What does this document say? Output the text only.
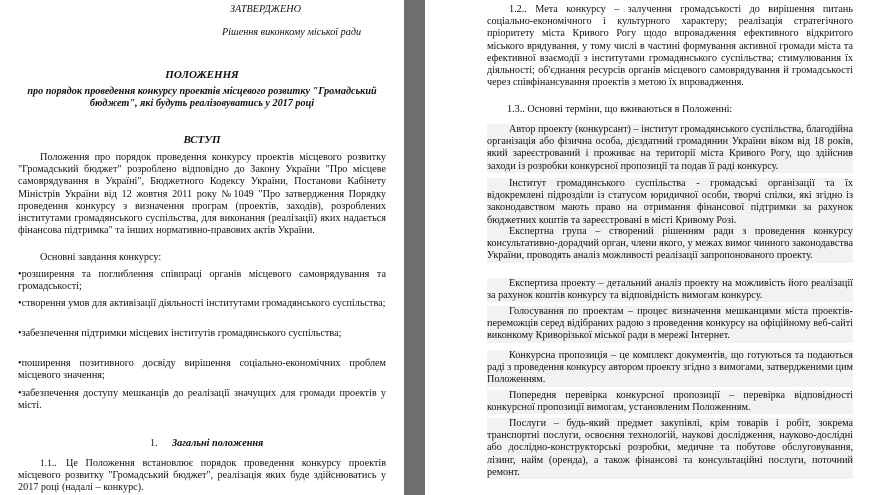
ЗАТВЕРДЖЕНО

Рішення виконкому міської ради

ПОЛОЖЕННЯ

про порядок проведення конкурсу проектів місцевого розвитку "Громадський бюджет", які будуть реалізовуватись у 2017 році

ВСТУП

Положення про порядок проведення конкурсу проектів місцевого розвитку "Громадський бюджет" розроблено відповідно до Закону України "Про місцеве самоврядування в Україні", Бюджетного Кодексу України, Постанови Кабінету Міністрів України від 12 жовтня 2011 року №1049 "Про затвердження Порядку проведення конкурсу з визначення програм (проектів, заходів), розроблених інститутами громадянського суспільства, для виконання (реалізації) яких надається фінансова підтримка" та інших нормативно-правових актів України.

Основні завдання конкурсу:

•розширення та поглиблення співпраці органів місцевого самоврядування та громадськості;

•створення умов для активізації діяльності інститутами громадянського суспільства;

•забезпечення підтримки місцевих інститутів громадянського суспільства;

•поширення позитивного досвіду вирішення соціально-економічних проблем місцевого значення;

•забезпечення доступу мешканців до реалізації значущих для громади проектів у місті.

1.	Загальні положення

1.1.. Це Положення встановлює порядок проведення конкурсу проектів місцевого розвитку "Громадський бюджет", реалізація яких буде здійснюватись у 2017 році (надалі – конкурс).

1.2.. Мета конкурсу – залучення громадськості до вирішення питань соціально-економічного і культурного характеру; реалізація стратегічного пріоритету міста Кривого Рогу щодо впровадження ефективного відкритого міського врядування, у тому числі в частині формування активної громади міста та ефективної взаємодії з інститутами громадянського суспільства; стимулювання їх діяльності; об'єднання ресурсів органів місцевого самоврядування й громадськості через співфінансування проектів з метою їх впровадження.

1.3.. Основні терміни, що вживаються в Положенні:

Автор проекту (конкурсант) – інститут громадянського суспільства, благодійна організація або фізична особа, дієздатний громадянин України віком від 18 років, який зареєстрований і проживає на території міста Кривого Рогу, що здійснив заходи із розробки конкурсної пропозиції та подав її раді конкурсу.

Інститут громадянського суспільства - громадські організації та їх відокремлені підрозділи із статусом юридичної особи, творчі спілки, які згідно із законодавством мають право на отримання фінансової підтримки за рахунок бюджетних коштів та зареєстровані в місті Кривому Розі.

Експертна група – створений рішенням ради з проведення конкурсу консультативно-дорадчий орган, члени якого, у межах вимог чинного законодавства України, проводять аналіз можливості реалізації запропонованого проекту.

Експертиза проекту – детальний аналіз проекту на можливість його реалізації за рахунок коштів конкурсу та відповідність вимогам конкурсу.

Голосування по проектам – процес визначення мешканцями міста проектів-переможців серед відібраних радою з проведення конкурсу на офіційному веб-сайті виконкому Криворізької міської ради в мережі Інтернет.

Конкурсна пропозиція – це комплект документів, що готуються та подаються раді з проведення конкурсу автором проекту згідно з вимогами, затвердженими цим Положенням.

Попередня перевірка конкурсної пропозиції – перевірка відповідності конкурсної пропозиції вимогам, установленим Положенням.

Послуги – будь-який предмет закупівлі, крім товарів і робіт, зокрема транспортні послуги, освоєння технологій, наукові дослідження, науково-дослідні або дослідно-конструкторські розробки, медичне та побутове обслуговування, лізинг, найм (оренда), а також фінансові та консультаційні послуги, поточний ремонт.
